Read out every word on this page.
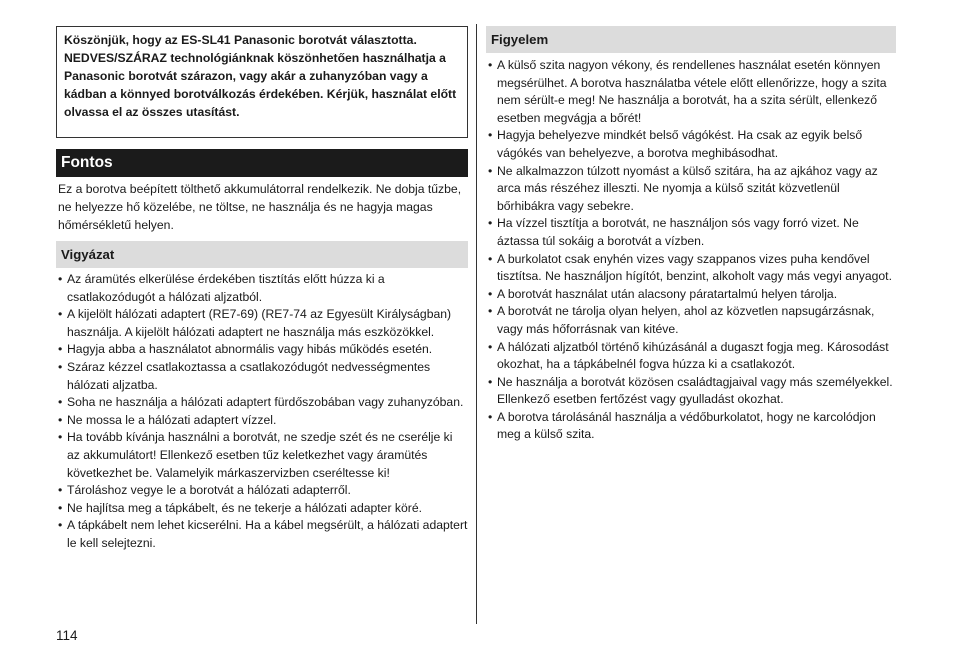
Köszönjük, hogy az ES-SL41 Panasonic borotvát választotta. NEDVES/SZÁRAZ technológiánknak köszönhetően használhatja a Panasonic borotvát szárazon, vagy akár a zuhanyzóban vagy a kádban a könnyed borotválkozás érdekében. Kérjük, használat előtt olvassa el az összes utasítást.
Fontos

Ez a borotva beépített tölthető akkumulátorral rendelkezik. Ne dobja tűzbe, ne helyezze hő közelébe, ne töltse, ne használja és ne hagyja magas hőmérsékletű helyen.

Vigyázat
• Az áramütés elkerülése érdekében tisztítás előtt húzza ki a csatlakozódugót a hálózati aljzatból.
• A kijelölt hálózati adaptert (RE7-69) (RE7-74 az Egyesült Királyságban) használja. A kijelölt hálózati adaptert ne használja más eszközökkel.
• Hagyja abba a használatot abnormális vagy hibás működés esetén.
• Száraz kézzel csatlakoztassa a csatlakozódugót nedvességmentes hálózati aljzatba.
• Soha ne használja a hálózati adaptert fürdőszobában vagy zuhanyzóban.
• Ne mossa le a hálózati adaptert vízzel.
• Ha tovább kívánja használni a borotvát, ne szedje szét és ne cserélje ki az akkumulátort! Ellenkező esetben tűz keletkezhet vagy áramütés következhet be. Valamelyik márkaszervizben cseréltesse ki!
• Tároláshoz vegye le a borotvát a hálózati adapterről.
• Ne hajlítsa meg a tápkábelt, és ne tekerje a hálózati adapter köré.
• A tápkábelt nem lehet kicserélni. Ha a kábel megsérült, a hálózati adaptert le kell selejtezni.
Figyelem
• A külső szita nagyon vékony, és rendellenes használat esetén könnyen megsérülhet. A borotva használatba vétele előtt ellenőrizze, hogy a szita nem sérült-e meg! Ne használja a borotvát, ha a szita sérült, ellenkező esetben megvágja a bőrét!
• Hagyja behelyezve mindkét belső vágókést. Ha csak az egyik belső vágókés van behelyezve, a borotva meghibásodhat.
• Ne alkalmazzon túlzott nyomást a külső szitára, ha az ajkához vagy az arca más részéhez illeszti. Ne nyomja a külső szitát közvetlenül bőrhibákra vagy sebekre.
• Ha vízzel tisztítja a borotvát, ne használjon sós vagy forró vizet. Ne áztassa túl sokáig a borotvát a vízben.
• A burkolatot csak enyhén vizes vagy szappanos vizes puha kendővel tisztítsa. Ne használjon hígítót, benzint, alkoholt vagy más vegyi anyagot.
• A borotvát használat után alacsony páratartalmú helyen tárolja.
• A borotvát ne tárolja olyan helyen, ahol az közvetlen napsugárzásnak, vagy más hőforrásnak van kitéve.
• A hálózati aljzatból történő kihúzásánál a dugaszt fogja meg. Károsodást okozhat, ha a tápkábelnél fogva húzza ki a csatlakozót.
• Ne használja a borotvát közösen családtagjaival vagy más személyekkel. Ellenkező esetben fertőzést vagy gyulladást okozhat.
• A borotva tárolásánál használja a védőburkolatot, hogy ne karcolódjon meg a külső szita.
114
